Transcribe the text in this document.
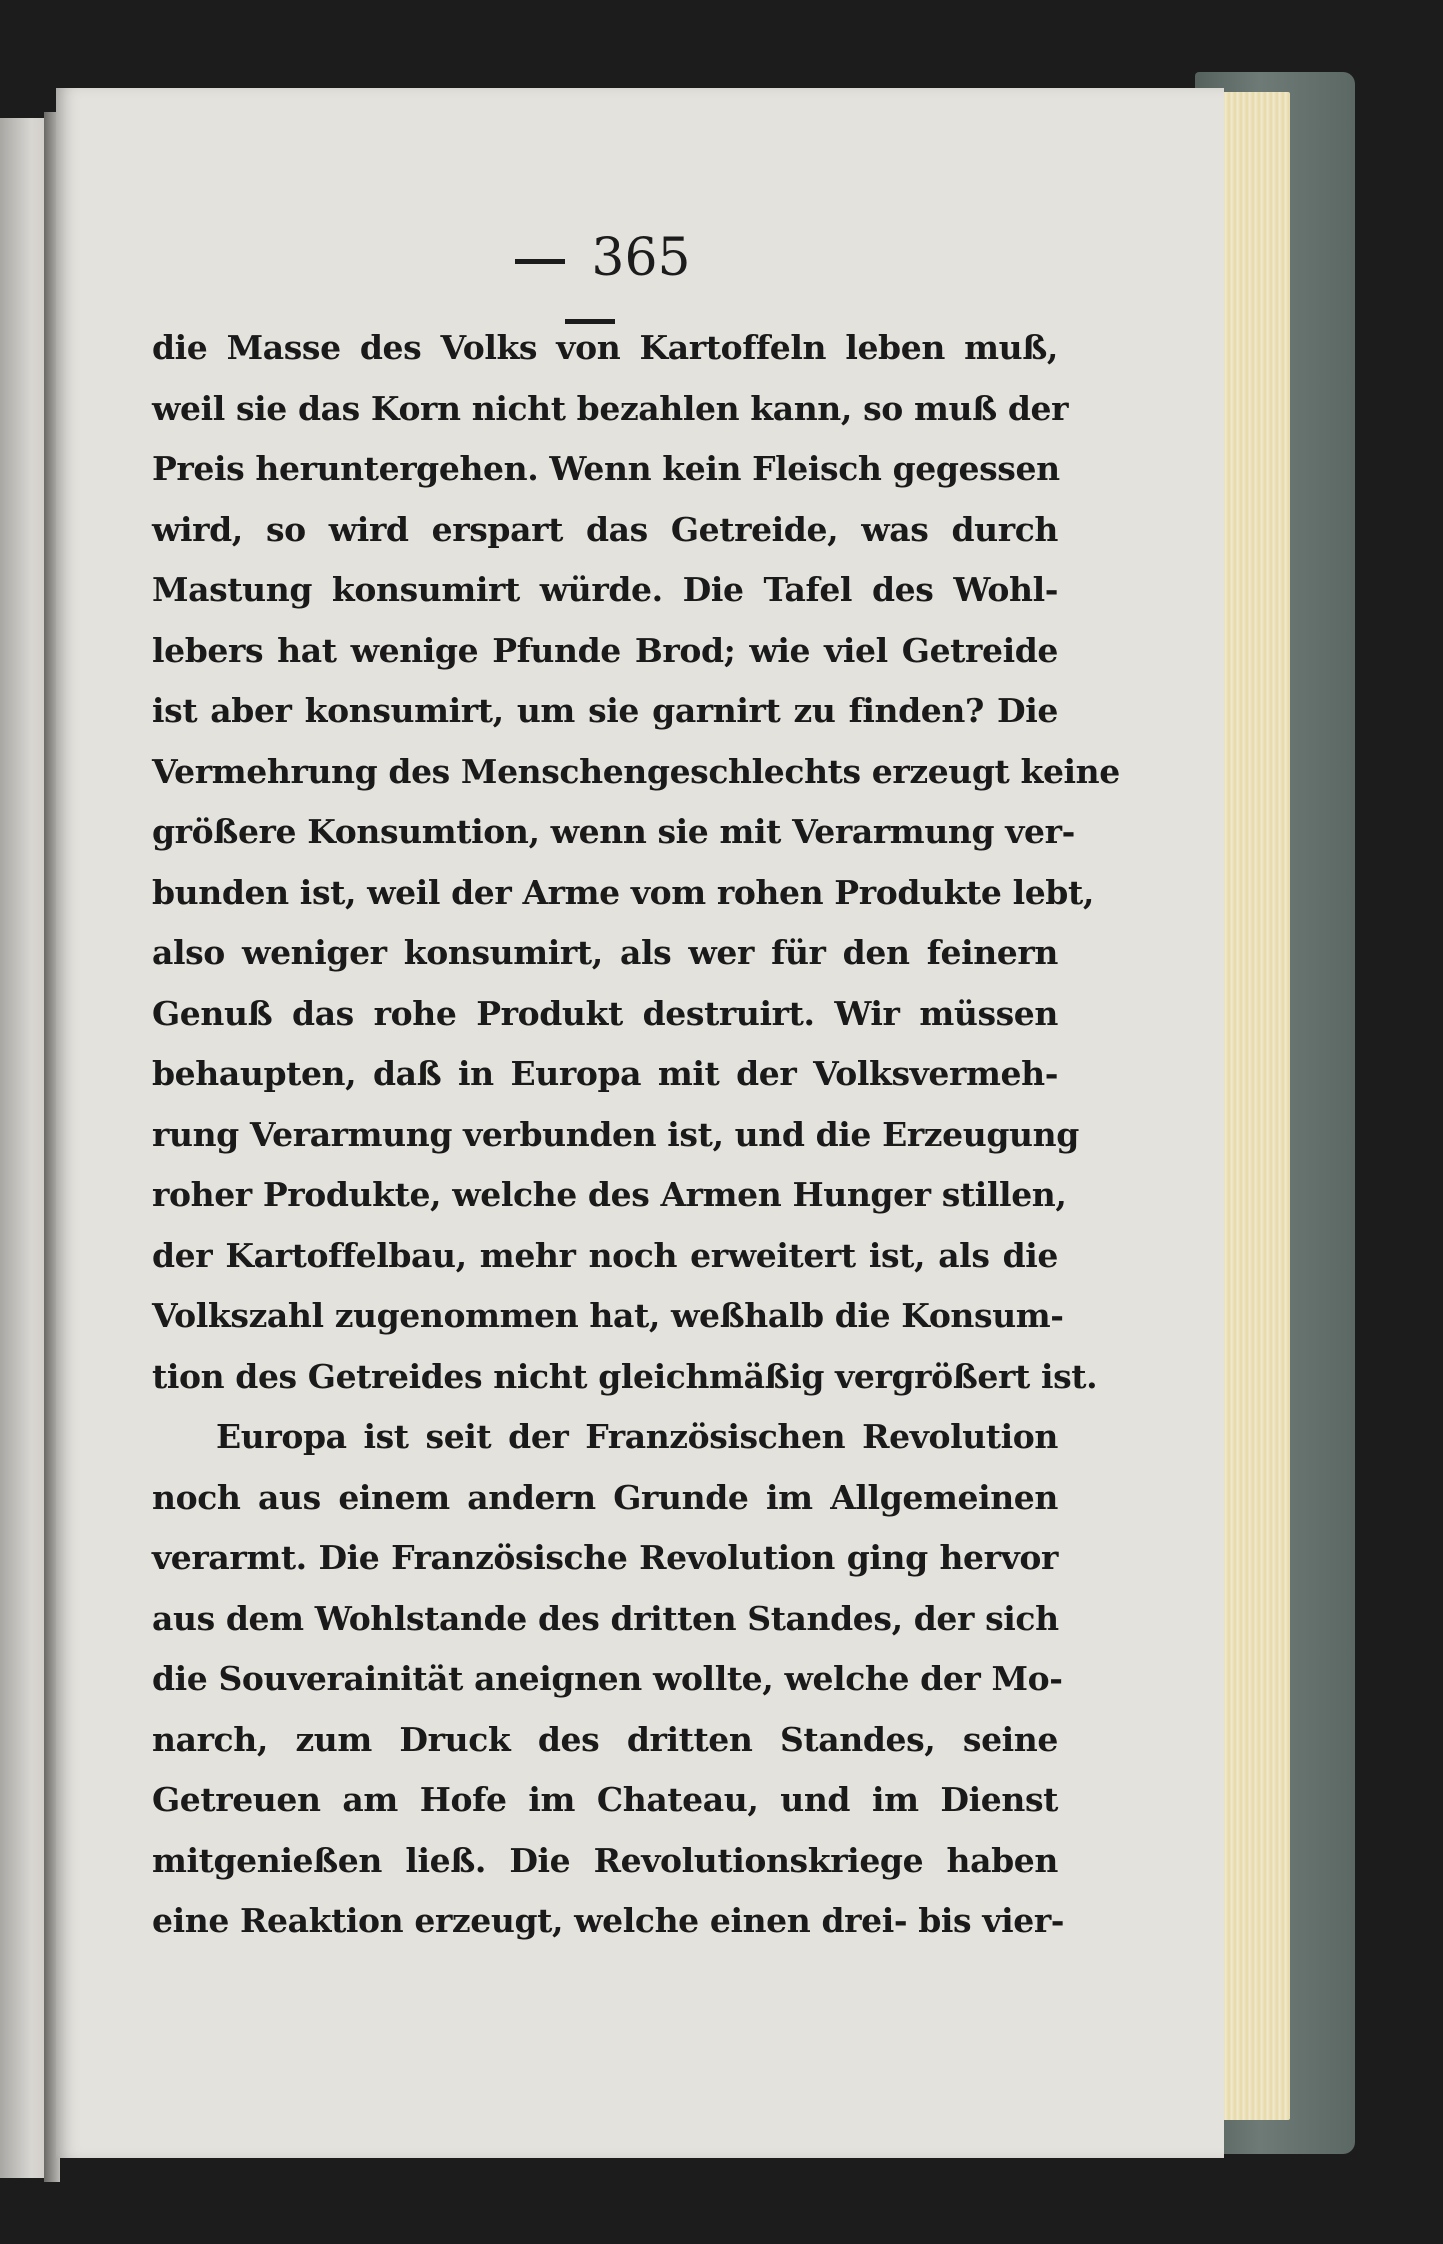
365
die Masse des Volks von Kartoffeln leben muß,
weil sie das Korn nicht bezahlen kann, so muß der
Preis heruntergehen. Wenn kein Fleisch gegessen
wird, so wird erspart das Getreide, was durch
Mastung konsumirt würde. Die Tafel des Wohl-
lebers hat wenige Pfunde Brod; wie viel Getreide
ist aber konsumirt, um sie garnirt zu finden? Die
Vermehrung des Menschengeschlechts erzeugt keine
größere Konsumtion, wenn sie mit Verarmung ver-
bunden ist, weil der Arme vom rohen Produkte lebt,
also weniger konsumirt, als wer für den feinern
Genuß das rohe Produkt destruirt. Wir müssen
behaupten, daß in Europa mit der Volksvermeh-
rung Verarmung verbunden ist, und die Erzeugung
roher Produkte, welche des Armen Hunger stillen,
der Kartoffelbau, mehr noch erweitert ist, als die
Volkszahl zugenommen hat, weßhalb die Konsum-
tion des Getreides nicht gleichmäßig vergrößert ist.
Europa ist seit der Französischen Revolution
noch aus einem andern Grunde im Allgemeinen
verarmt. Die Französische Revolution ging hervor
aus dem Wohlstande des dritten Standes, der sich
die Souverainität aneignen wollte, welche der Mo-
narch, zum Druck des dritten Standes, seine
Getreuen am Hofe im Chateau, und im Dienst
mitgenießen ließ. Die Revolutionskriege haben
eine Reaktion erzeugt, welche einen drei- bis vier-
